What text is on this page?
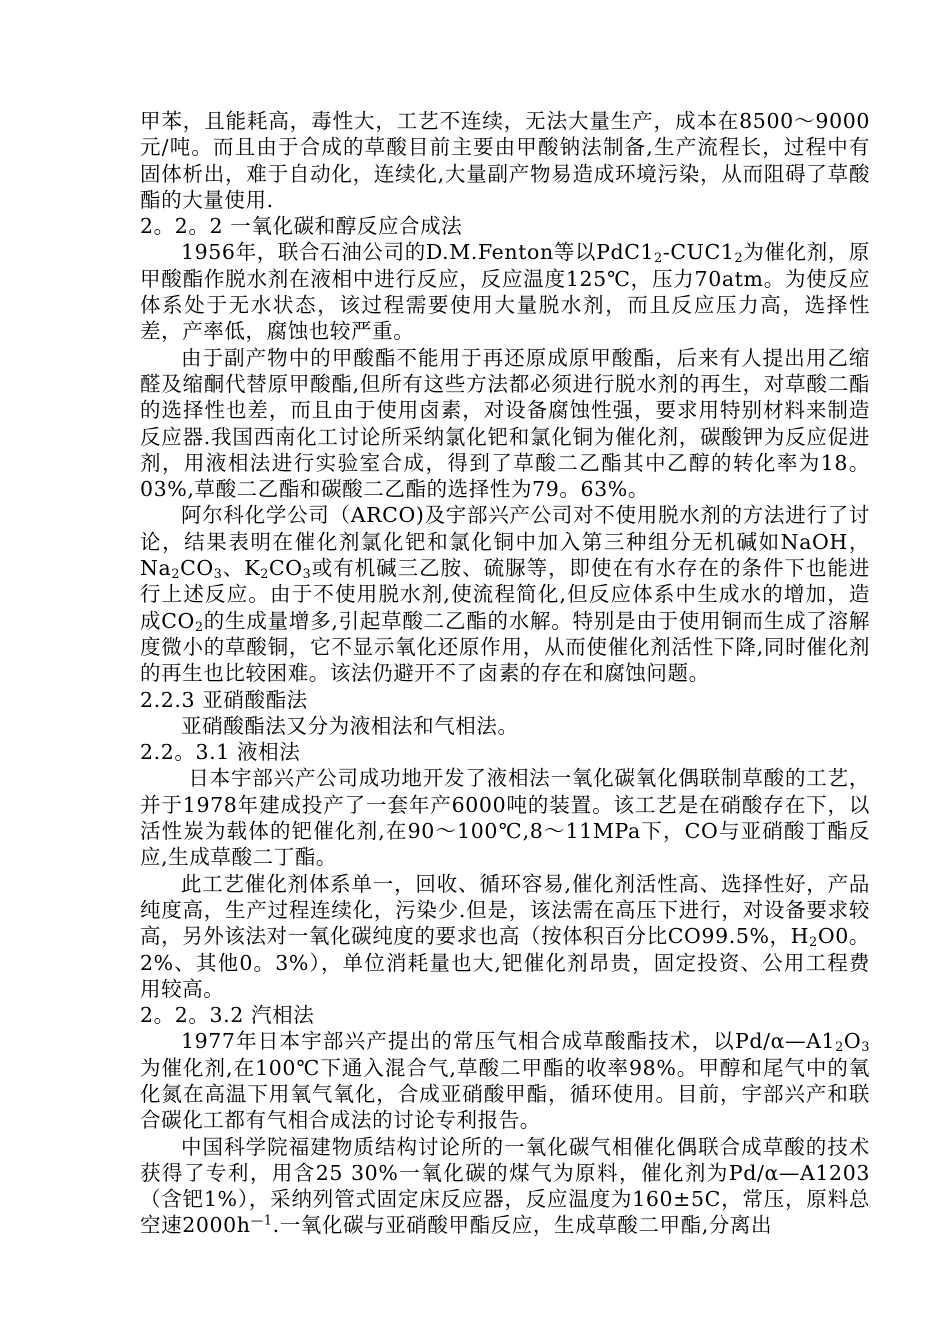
甲苯，且能耗高，毒性大，工艺不连续，无法大量生产，成本在8500～9000元/吨。而且由于合成的草酸目前主要由甲酸钠法制备,生产流程长，过程中有固体析出，难于自动化，连续化,大量副产物易造成环境污染，从而阻碍了草酸酯的大量使用.

2。2。2 一氧化碳和醇反应合成法

1956年，联合石油公司的D.M.Fenton等以$PdC1_2-CUC1_2$为催化剂，原甲酸酯作脱水剂在液相中进行反应，反应温度125℃，压力70atm。为使反应体系处于无水状态，该过程需要使用大量脱水剂，而且反应压力高，选择性差，产率低，腐蚀也较严重。

由于副产物中的甲酸酯不能用于再还原成原甲酸酯，后来有人提出用乙缩醛及缩酮代替原甲酸酯,但所有这些方法都必须进行脱水剂的再生，对草酸二酯的选择性也差，而且由于使用卤素，对设备腐蚀性强，要求用特别材料来制造反应器.我国西南化工讨论所采纳氯化钯和氯化铜为催化剂，碳酸钾为反应促进剂，用液相法进行实验室合成，得到了草酸二乙酯其中乙醇的转化率为18。03%,草酸二乙酯和碳酸二乙酯的选择性为79。63%。

阿尔科化学公司（ARCO)及宇部兴产公司对不使用脱水剂的方法进行了讨论，结果表明在催化剂氯化钯和氯化铜中加入第三种组分无机碱如NaOH，$Na_2CO_3$、$K_2CO_3$或有机碱三乙胺、硫脲等，即使在有水存在的条件下也能进行上述反应。由于不使用脱水剂,使流程简化,但反应体系中生成水的增加，造成$CO_2$的生成量增多,引起草酸二乙酯的水解。特别是由于使用铜而生成了溶解度微小的草酸铜，它不显示氧化还原作用，从而使催化剂活性下降,同时催化剂的再生也比较困难。该法仍避开不了卤素的存在和腐蚀问题。

2.2.3 亚硝酸酯法

亚硝酸酯法又分为液相法和气相法。

2.2。3.1 液相法

日本宇部兴产公司成功地开发了液相法一氧化碳氧化偶联制草酸的工艺，并于1978年建成投产了一套年产6000吨的装置。该工艺是在硝酸存在下，以活性炭为载体的钯催化剂,在90～100℃,8～11MPa下，CO与亚硝酸丁酯反应,生成草酸二丁酯。

此工艺催化剂体系单一，回收、循环容易,催化剂活性高、选择性好，产品纯度高，生产过程连续化，污染少.但是，该法需在高压下进行，对设备要求较高，另外该法对一氧化碳纯度的要求也高（按体积百分比CO99.5%，$H_2O0$。2%、其他0。3%），单位消耗量也大,钯催化剂昂贵，固定投资、公用工程费用较高。

2。2。3.2 汽相法

1977年日本宇部兴产提出的常压气相合成草酸酯技术，以$Pd/\alpha—A1_2O_3$为催化剂,在100℃下通入混合气,草酸二甲酯的收率98%。甲醇和尾气中的氧化氮在高温下用氧气氧化，合成亚硝酸甲酯，循环使用。目前，宇部兴产和联合碳化工都有气相合成法的讨论专利报告。

中国科学院福建物质结构讨论所的一氧化碳气相催化偶联合成草酸的技术获得了专利，用含25 30%一氧化碳的煤气为原料，催化剂为Pd/α—A1203（含钯1%），采纳列管式固定床反应器，反应温度为160±5C，常压，原料总空速$2000h^{—1}$.一氧化碳与亚硝酸甲酯反应，生成草酸二甲酯,分离出
